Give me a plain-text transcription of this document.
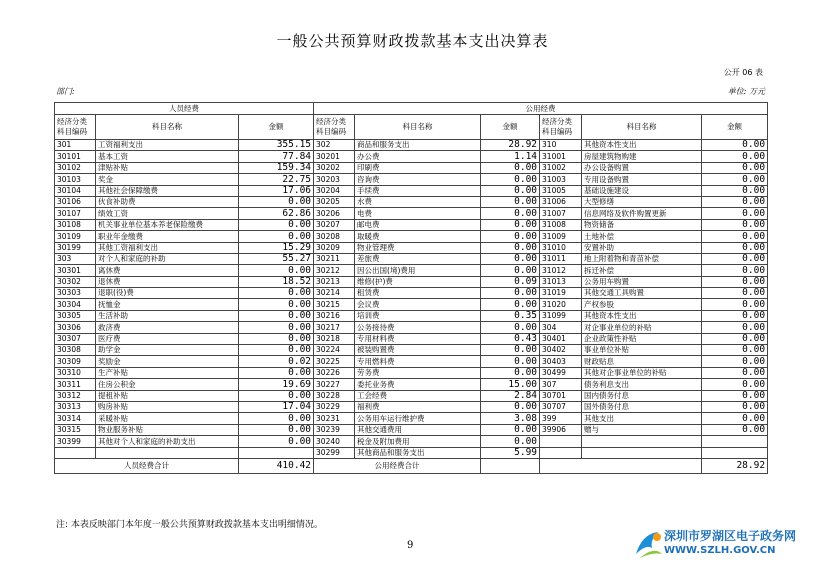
一般公共预算财政拨款基本支出决算表
公开 06 表
部门:	单位: 万元
人员经费			公用经费					
经济分类科目编码	科目名称	金额	经济分类科目编码	科目名称	金额	经济分类科目编码	科目名称	金额
301	工资福利支出	355.15	302	商品和服务支出	28.92	310	其他资本性支出	0.00
30101	基本工资	77.84	30201	办公费	1.14	31001	房屋建筑物购建	0.00
30102	津贴补贴	159.34	30202	印刷费	0.00	31002	办公设备购置	0.00
30103	奖金	22.75	30203	咨询费	0.00	31003	专用设备购置	0.00
30104	其他社会保障缴费	17.06	30204	手续费	0.00	31005	基础设施建设	0.00
30106	伙食补助费	0.00	30205	水费	0.00	31006	大型修缮	0.00
30107	绩效工资	62.86	30206	电费	0.00	31007	信息网络及软件购置更新	0.00
30108	机关事业单位基本养老保险缴费	0.00	30207	邮电费	0.00	31008	物资储备	0.00
30109	职业年金缴费	0.00	30208	取暖费	0.00	31009	土地补偿	0.00
30199	其他工资福利支出	15.29	30209	物业管理费	0.00	31010	安置补助	0.00
303	对个人和家庭的补助	55.27	30211	差旅费	0.00	31011	地上附着物和青苗补偿	0.00
30301	离休费	0.00	30212	因公出国(境)费用	0.00	31012	拆迁补偿	0.00
30302	退休费	18.52	30213	维修(护)费	0.09	31013	公务用车购置	0.00
30303	退职(役)费	0.00	30214	租赁费	0.00	31019	其他交通工具购置	0.00
30304	抚恤金	0.00	30215	会议费	0.00	31020	产权参股	0.00
30305	生活补助	0.00	30216	培训费	0.35	31099	其他资本性支出	0.00
30306	救济费	0.00	30217	公务接待费	0.00	304	对企事业单位的补贴	0.00
30307	医疗费	0.00	30218	专用材料费	0.43	30401	企业政策性补贴	0.00
30308	助学金	0.00	30224	被装购置费	0.00	30402	事业单位补贴	0.00
30309	奖励金	0.02	30225	专用燃料费	0.00	30403	财政贴息	0.00
30310	生产补贴	0.00	30226	劳务费	0.00	30499	其他对企事业单位的补贴	0.00
30311	住房公积金	19.69	30227	委托业务费	15.00	307	债务利息支出	0.00
30312	提租补贴	0.00	30228	工会经费	2.84	30701	国内债务付息	0.00
30313	购房补贴	17.04	30229	福利费	0.00	30707	国外债务付息	0.00
30314	采暖补贴	0.00	30231	公务用车运行维护费	3.08	399	其他支出	0.00
30315	物业服务补贴	0.00	30239	其他交通费用	0.00	39906	赠与	0.00
30399	其他对个人和家庭的补助支出	0.00	30240	税金及附加费用	0.00			
			30299	其他商品和服务支出	5.99			
人员经费合计		410.42	公用经费合计					28.92
注: 本表反映部门本年度一般公共预算财政拨款基本支出明细情况。
9
深圳市罗湖区电子政务网
WWW.SZLH.GOV.CN
